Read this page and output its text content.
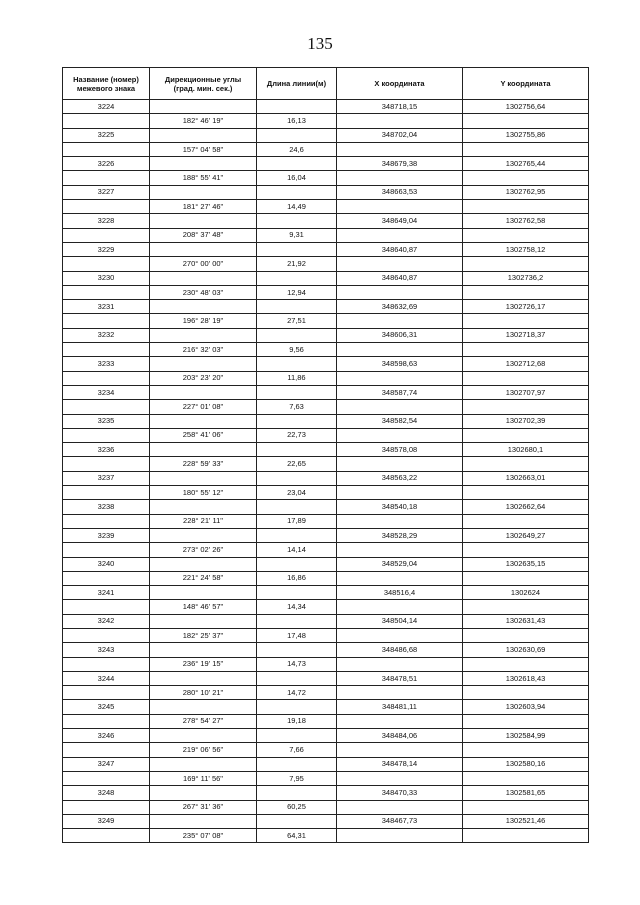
135
Название (номер) межевого знака	Дирекционные углы (град. мин. сек.)	Длина линии(м)	X координата	Y координата
3224			348718,15	1302756,64
	182° 46' 19"	16,13		
3225			348702,04	1302755,86
	157° 04' 58"	24,6		
3226			348679,38	1302765,44
	188° 55' 41"	16,04		
3227			348663,53	1302762,95
	181° 27' 46"	14,49		
3228			348649,04	1302762,58
	208° 37' 48"	9,31		
3229			348640,87	1302758,12
	270° 00' 00"	21,92		
3230			348640,87	1302736,2
	230° 48' 03"	12,94		
3231			348632,69	1302726,17
	196° 28' 19"	27,51		
3232			348606,31	1302718,37
	216° 32' 03"	9,56		
3233			348598,63	1302712,68
	203° 23' 20"	11,86		
3234			348587,74	1302707,97
	227° 01' 08"	7,63		
3235			348582,54	1302702,39
	258° 41' 06"	22,73		
3236			348578,08	1302680,1
	228° 59' 33"	22,65		
3237			348563,22	1302663,01
	180° 55' 12"	23,04		
3238			348540,18	1302662,64
	228° 21' 11"	17,89		
3239			348528,29	1302649,27
	273° 02' 26"	14,14		
3240			348529,04	1302635,15
	221° 24' 58"	16,86		
3241			348516,4	1302624
	148° 46' 57"	14,34		
3242			348504,14	1302631,43
	182° 25' 37"	17,48		
3243			348486,68	1302630,69
	236° 19' 15"	14,73		
3244			348478,51	1302618,43
	280° 10' 21"	14,72		
3245			348481,11	1302603,94
	278° 54' 27"	19,18		
3246			348484,06	1302584,99
	219° 06' 56"	7,66		
3247			348478,14	1302580,16
	169° 11' 56"	7,95		
3248			348470,33	1302581,65
	267° 31' 36"	60,25		
3249			348467,73	1302521,46
	235° 07' 08"	64,31		
